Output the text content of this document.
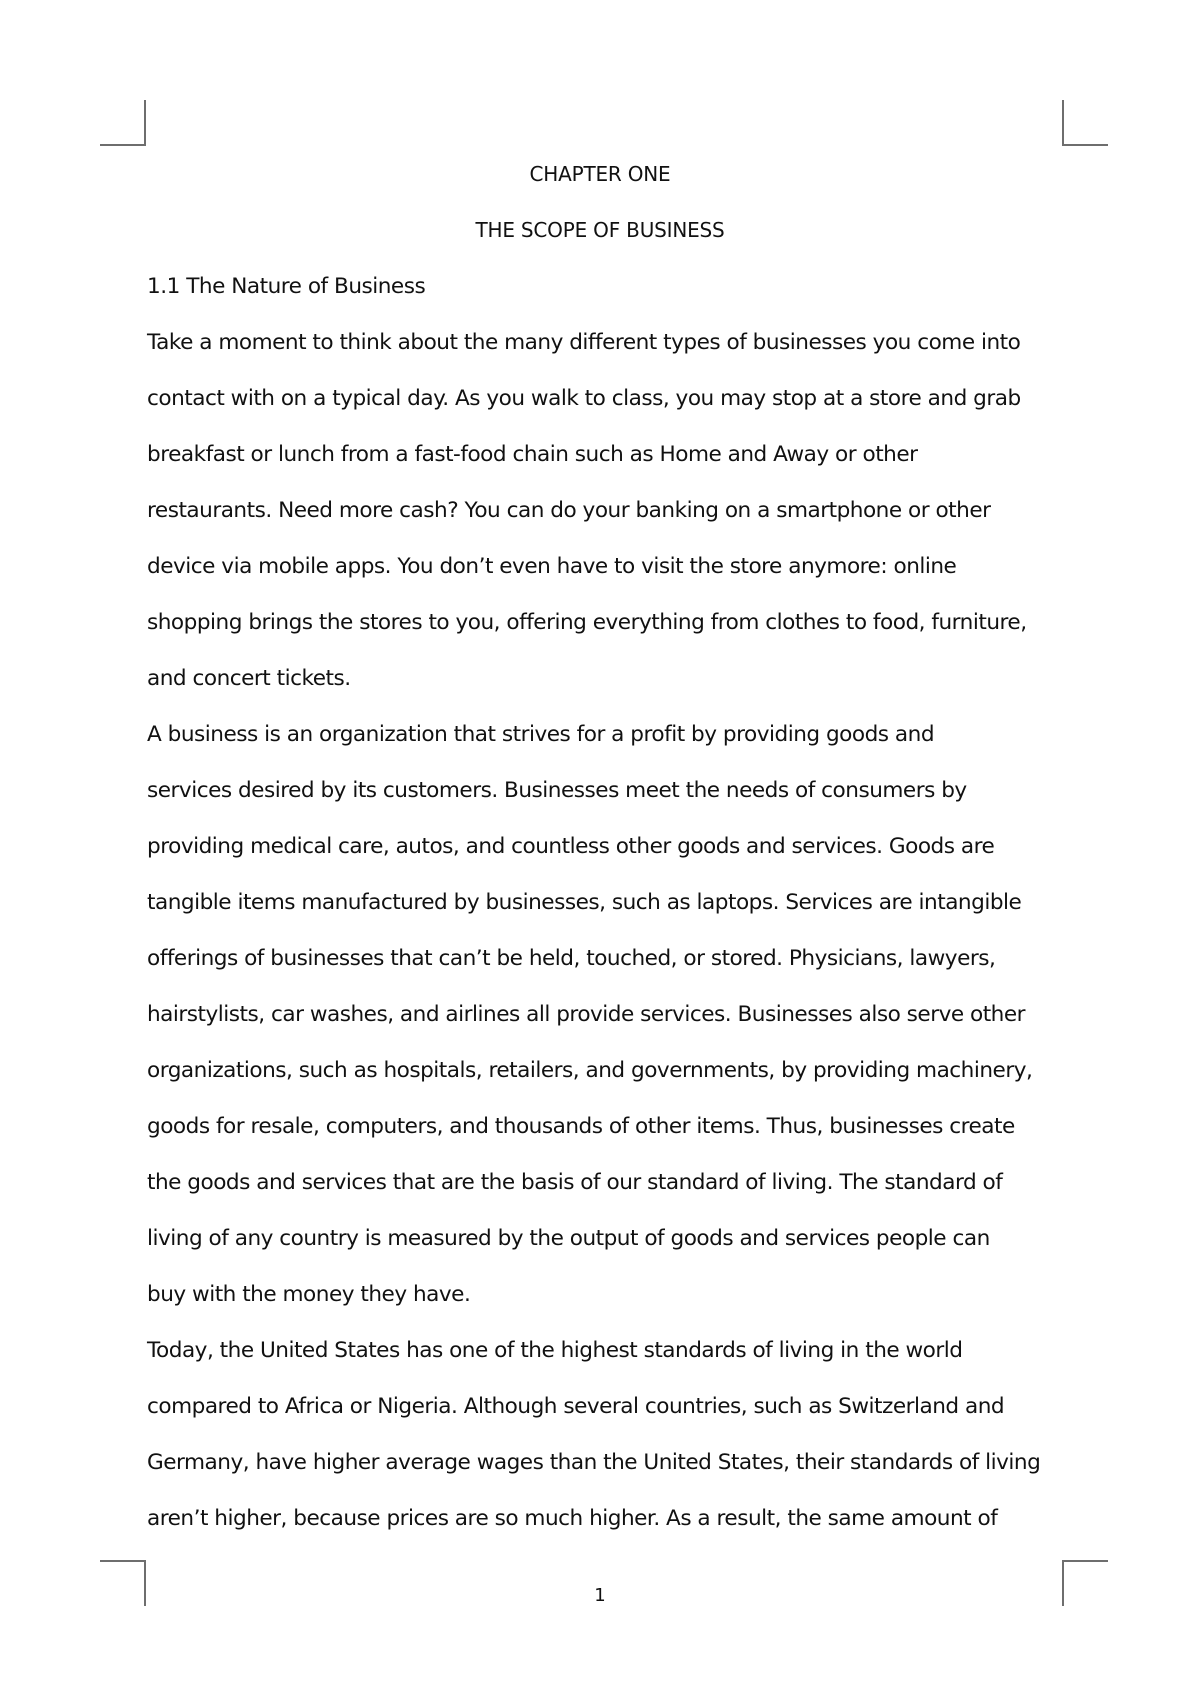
CHAPTER ONE
THE SCOPE OF BUSINESS
1.1 The Nature of Business
Take a moment to think about the many different types of businesses you come into
contact with on a typical day. As you walk to class, you may stop at a store and grab
breakfast or lunch from a fast-food chain such as Home and Away or other
restaurants. Need more cash? You can do your banking on a smartphone or other
device via mobile apps. You don’t even have to visit the store anymore: online
shopping brings the stores to you, offering everything from clothes to food, furniture,
and concert tickets.
A business is an organization that strives for a profit by providing goods and
services desired by its customers. Businesses meet the needs of consumers by
providing medical care, autos, and countless other goods and services. Goods are
tangible items manufactured by businesses, such as laptops. Services are intangible
offerings of businesses that can’t be held, touched, or stored. Physicians, lawyers,
hairstylists, car washes, and airlines all provide services. Businesses also serve other
organizations, such as hospitals, retailers, and governments, by providing machinery,
goods for resale, computers, and thousands of other items. Thus, businesses create
the goods and services that are the basis of our standard of living. The standard of
living of any country is measured by the output of goods and services people can
buy with the money they have.
Today, the United States has one of the highest standards of living in the world
compared to Africa or Nigeria. Although several countries, such as Switzerland and
Germany, have higher average wages than the United States, their standards of living
aren’t higher, because prices are so much higher. As a result, the same amount of
1
